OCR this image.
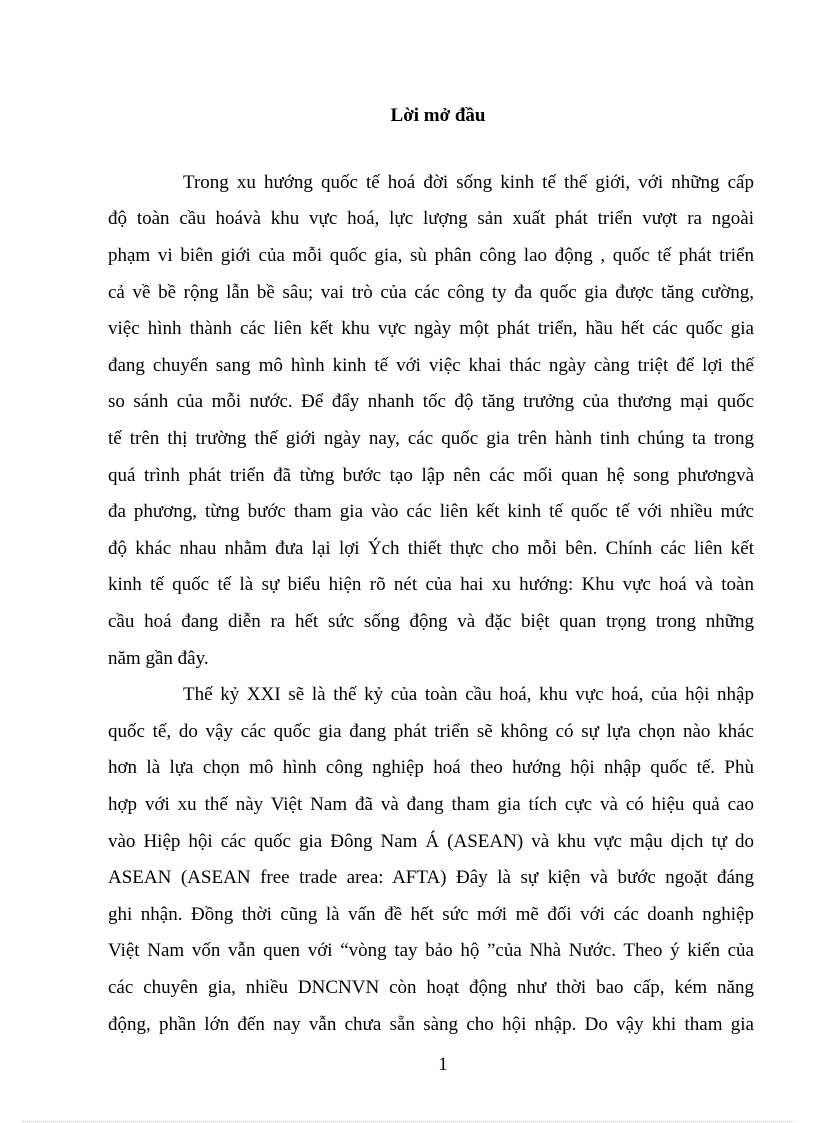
Lời mở đầu
Trong xu hướng quốc tế hoá đời sống kinh tế thế giới, với những cấp
độ toàn cầu hoávà khu vực hoá, lực lượng sản xuất phát triển vượt ra ngoài
phạm vi biên giới của mỗi quốc gia, sù phân công lao động , quốc tế phát triển
cả về bề rộng lẫn bề sâu; vai trò của các công ty đa quốc gia được tăng cường,
việc hình thành các liên kết khu vực ngày một phát triển, hầu hết các quốc gia
đang chuyển sang mô hình kinh tế với việc khai thác ngày càng triệt để lợi thế
so sánh của mỗi nước. Để đẩy nhanh tốc độ tăng trưởng của thương mại quốc
tế trên thị trường thế giới ngày nay, các quốc gia trên hành tinh chúng ta trong
quá trình phát triển đã từng bước tạo lập nên các mối quan hệ song phươngvà
đa phương, từng bước tham gia vào các liên kết kinh tế quốc tế với nhiều mức
độ khác nhau nhằm đưa lại lợi Ých thiết thực cho mỗi bên. Chính các liên kết
kinh tế quốc tế là sự biểu hiện rõ nét của hai xu hướng: Khu vực hoá và toàn
cầu hoá đang diễn ra hết sức sống động và đặc biệt quan trọng trong những
năm gần đây.
Thế kỷ XXI sẽ là thế kỷ của toàn cầu hoá, khu vực hoá, của hội nhập
quốc tế, do vậy các quốc gia đang phát triển sẽ không có sự lựa chọn nào khác
hơn là lựa chọn mô hình công nghiệp hoá theo hướng hội nhập quốc tế. Phù
hợp với xu thế này Việt Nam đã và đang tham gia tích cực và có hiệu quả cao
vào Hiệp hội các quốc gia Đông Nam Á (ASEAN) và khu vực mậu dịch tự do
ASEAN (ASEAN free trade area: AFTA) Đây là sự kiện và bước ngoặt đáng
ghi nhận. Đồng thời cũng là vấn đề hết sức mới mẽ đối với các doanh nghiệp
Việt Nam vốn vẫn quen với “vòng tay bảo hộ ”của Nhà Nước. Theo ý kiến của
các chuyên gia, nhiều DNCNVN còn hoạt động như thời bao cấp, kém năng
động, phần lớn đến nay vẫn chưa sẵn sàng cho hội nhập. Do vậy khi tham gia
1
